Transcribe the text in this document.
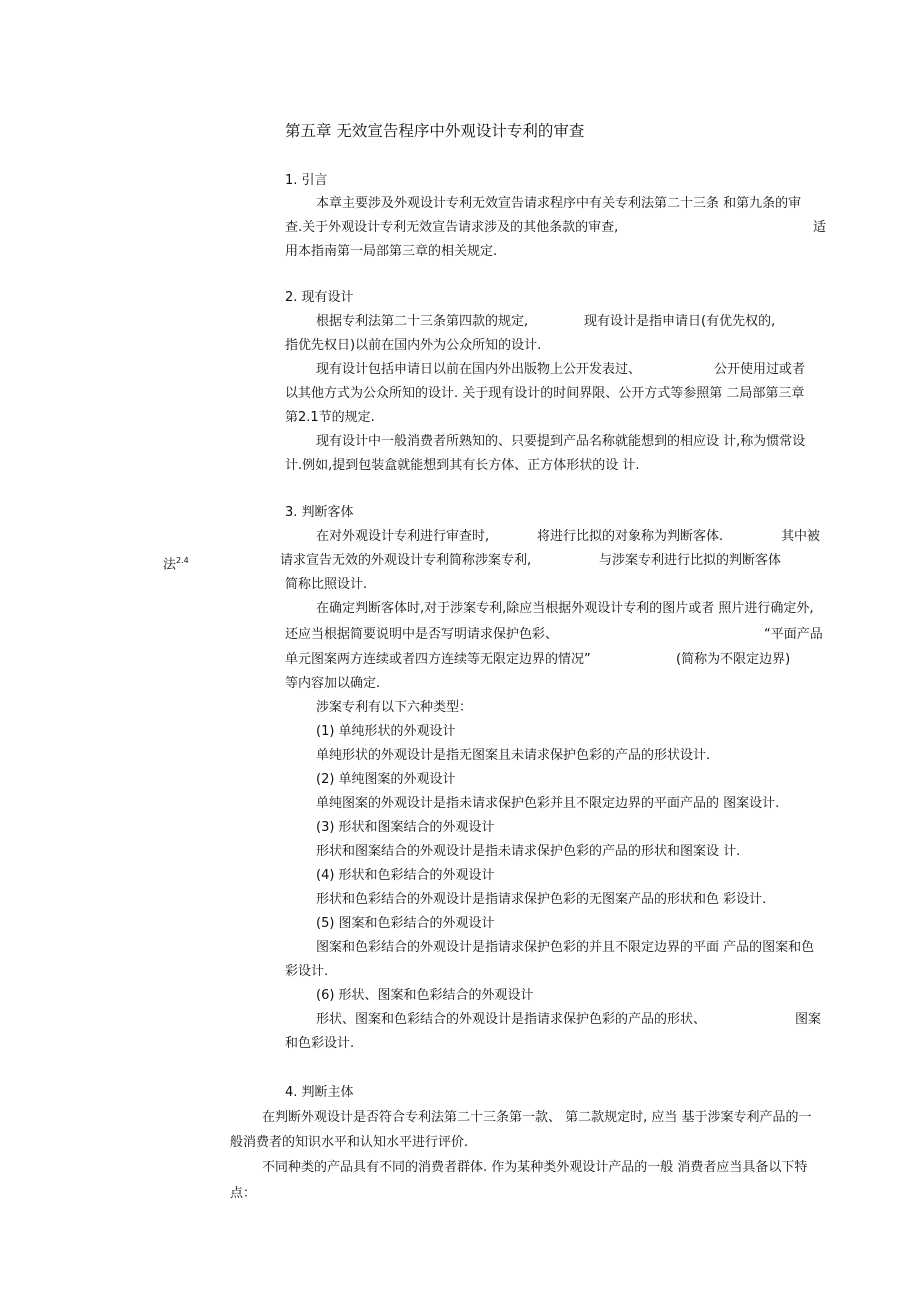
第五章 无效宣告程序中外观设计专利的审查

1. 引言

本章主要涉及外观设计专利无效宣告请求程序中有关专利法第二十三条 和第九条的审

查.关于外观设计专利无效宣告请求涉及的其他条款的审查,	适

用本指南第一局部第三章的相关规定.

2. 现有设计

根据专利法第二十三条第四款的规定,	现有设计是指申请日(有优先权的,

指优先权日)以前在国内外为公众所知的设计.

现有设计包括申请日以前在国内外出版物上公开发表过、	公开使用过或者

以其他方式为公众所知的设计. 关于现有设计的时间界限、公开方式等参照第 二局部第三章

第2.1节的规定.

现有设计中一般消费者所熟知的、只要提到产品名称就能想到的相应设 计,称为惯常设

计.例如,提到包装盒就能想到其有长方体、正方体形状的设 计.

3. 判断客体

在对外观设计专利进行审查时,	将进行比拟的对象称为判断客体.	其中被

法$^{2.4}$	请求宣告无效的外观设计专利简称涉案专利,	与涉案专利进行比拟的判断客体

简称比照设计.

在确定判断客体时,对于涉案专利,除应当根据外观设计专利的图片或者 照片进行确定外,

还应当根据简要说明中是否写明请求保护色彩、	“平面产品

单元图案两方连续或者四方连续等无限定边界的情况”	(简称为不限定边界)

等内容加以确定.

涉案专利有以下六种类型：

(1) 单纯形状的外观设计

单纯形状的外观设计是指无图案且未请求保护色彩的产品的形状设计.

(2) 单纯图案的外观设计

单纯图案的外观设计是指未请求保护色彩并且不限定边界的平面产品的 图案设计.

(3) 形状和图案结合的外观设计

形状和图案结合的外观设计是指未请求保护色彩的产品的形状和图案设 计.

(4) 形状和色彩结合的外观设计

形状和色彩结合的外观设计是指请求保护色彩的无图案产品的形状和色 彩设计.

(5) 图案和色彩结合的外观设计

图案和色彩结合的外观设计是指请求保护色彩的并且不限定边界的平面 产品的图案和色

彩设计.

(6) 形状、图案和色彩结合的外观设计

形状、图案和色彩结合的外观设计是指请求保护色彩的产品的形状、	图案

和色彩设计.

4. 判断主体

在判断外观设计是否符合专利法第二十三条第一款、 第二款规定时, 应当 基于涉案专利产品的一

般消费者的知识水平和认知水平进行评价.

不同种类的产品具有不同的消费者群体. 作为某种类外观设计产品的一般 消费者应当具备以下特

点：
